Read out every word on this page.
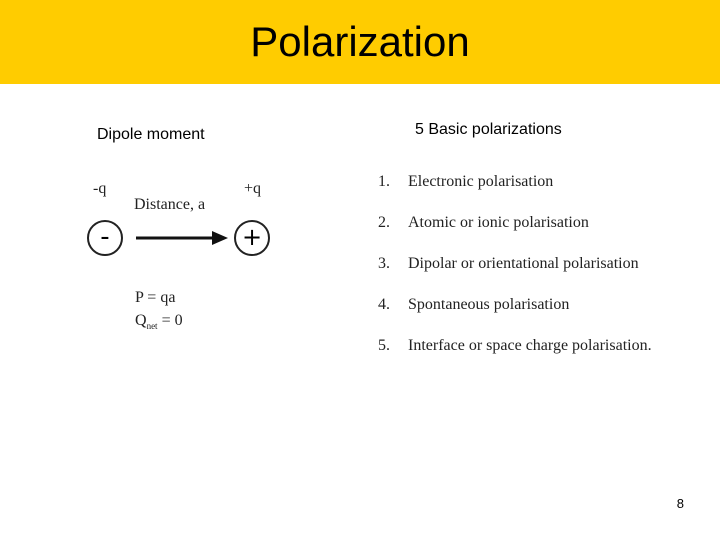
Polarization
Dipole moment	5 Basic polarizations
-q	+q
Distance, a
-	+
P = qa
$Q_{net} = 0$
1. Electronic polarisation
2. Atomic or ionic polarisation
3. Dipolar or orientational polarisation
4. Spontaneous polarisation
5. Interface or space charge polarisation.
8
